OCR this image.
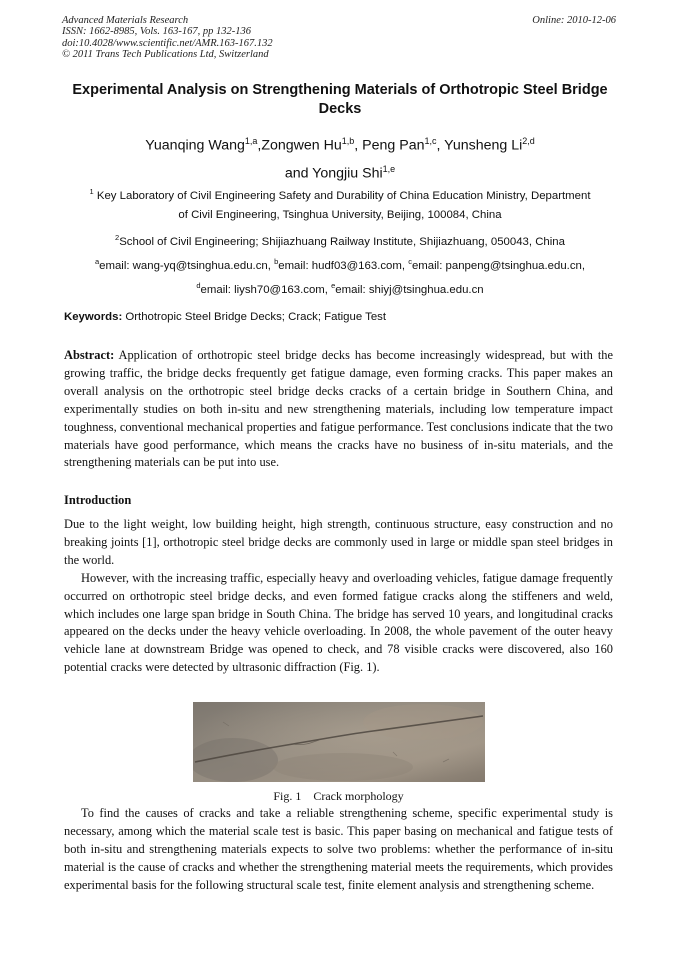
Advanced Materials Research
ISSN: 1662-8985, Vols. 163-167, pp 132-136
doi:10.4028/www.scientific.net/AMR.163-167.132
© 2011 Trans Tech Publications Ltd, Switzerland
Online: 2010-12-06
Experimental Analysis on Strengthening Materials of Orthotropic Steel Bridge Decks
Yuanqing Wang$^{1,a}$,Zongwen Hu$^{1,b}$, Peng Pan$^{1,c}$, Yunsheng Li$^{2,d}$
and Yongjiu Shi$^{1,e}$
$^1$ Key Laboratory of Civil Engineering Safety and Durability of China Education Ministry, Department
of Civil Engineering, Tsinghua University, Beijing, 100084, China
$^2$School of Civil Engineering; Shijiazhuang Railway Institute, Shijiazhuang, 050043, China
$^a$email: wang-yq@tsinghua.edu.cn, $^b$email: hudf03@163.com, $^c$email: panpeng@tsinghua.edu.cn,
$^d$email: liysh70@163.com, $^e$email: shiyj@tsinghua.edu.cn
Keywords: Orthotropic Steel Bridge Decks; Crack; Fatigue Test
Abstract: Application of orthotropic steel bridge decks has become increasingly widespread, but with the growing traffic, the bridge decks frequently get fatigue damage, even forming cracks. This paper makes an overall analysis on the orthotropic steel bridge decks cracks of a certain bridge in Southern China, and experimentally studies on both in-situ and new strengthening materials, including low temperature impact toughness, conventional mechanical properties and fatigue performance. Test conclusions indicate that the two materials have good performance, which means the cracks have no business of in-situ materials, and the strengthening materials can be put into use.
Introduction
Due to the light weight, low building height, high strength, continuous structure, easy construction and no breaking joints [1], orthotropic steel bridge decks are commonly used in large or middle span steel bridges in the world.
However, with the increasing traffic, especially heavy and overloading vehicles, fatigue damage frequently occurred on orthotropic steel bridge decks, and even formed fatigue cracks along the stiffeners and weld, which includes one large span bridge in South China. The bridge has served 10 years, and longitudinal cracks appeared on the decks under the heavy vehicle overloading. In 2008, the whole pavement of the outer heavy vehicle lane at downstream Bridge was opened to check, and 78 visible cracks were discovered, also 160 potential cracks were detected by ultrasonic diffraction (Fig. 1).
Fig. 1    Crack morphology
To find the causes of cracks and take a reliable strengthening scheme, specific experimental study is necessary, among which the material scale test is basic. This paper basing on mechanical and fatigue tests of both in-situ and strengthening materials expects to solve two problems: whether the performance of in-situ material is the cause of cracks and whether the strengthening material meets the requirements, which provides experimental basis for the following structural scale test, finite element analysis and strengthening scheme.
